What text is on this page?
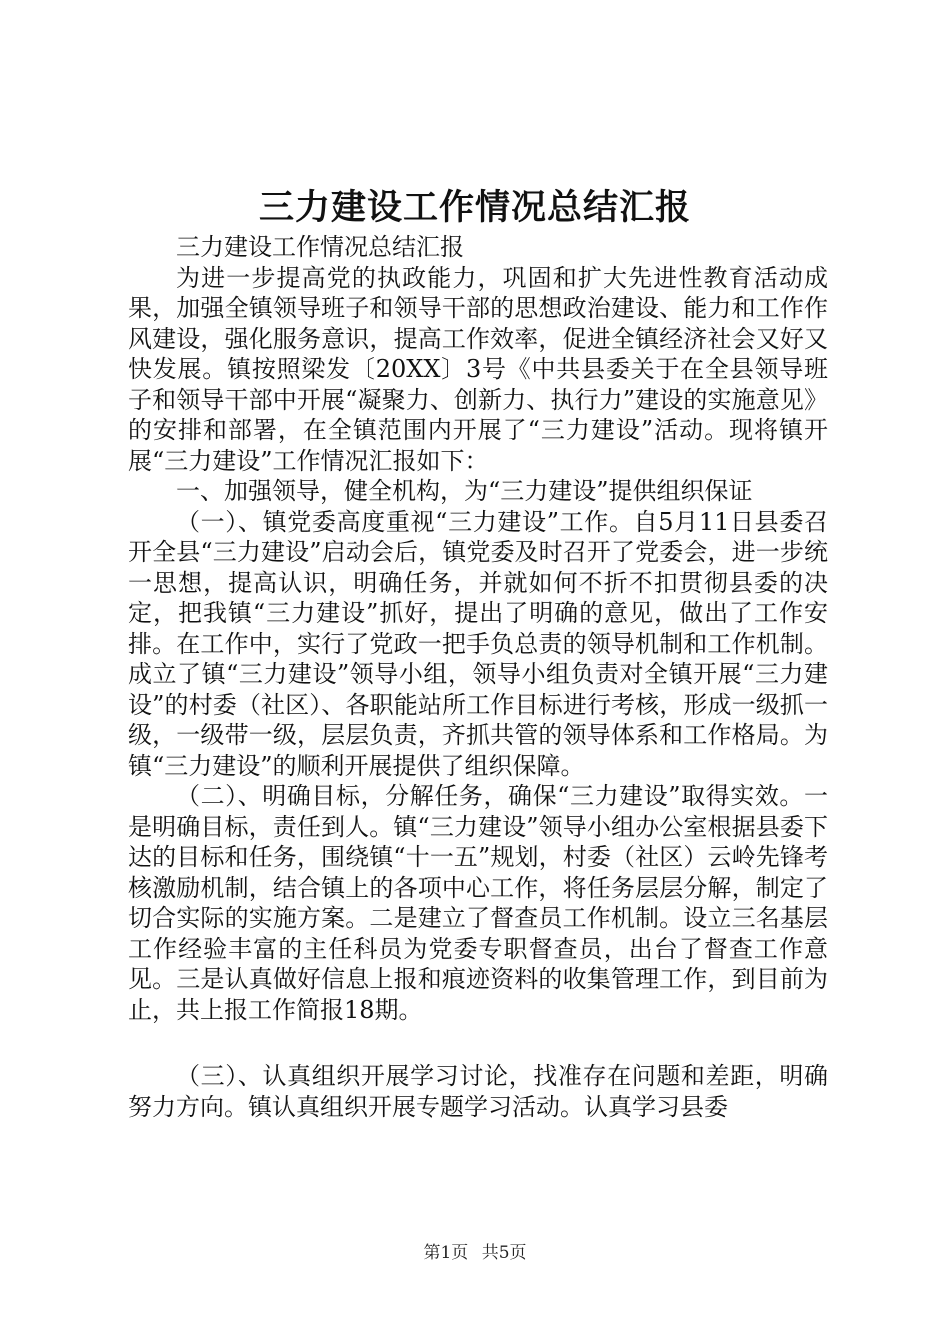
三力建设工作情况总结汇报

三力建设工作情况总结汇报

为进一步提高党的执政能力，巩固和扩大先进性教育活动成果，加强全镇领导班子和领导干部的思想政治建设、能力和工作作风建设，强化服务意识，提高工作效率，促进全镇经济社会又好又快发展。镇按照梁发〔20XX〕3号《中共县委关于在全县领导班子和领导干部中开展“凝聚力、创新力、执行力”建设的实施意见》的安排和部署，在全镇范围内开展了“三力建设”活动。现将镇开展“三力建设”工作情况汇报如下：

一、加强领导，健全机构，为“三力建设”提供组织保证

（一）、镇党委高度重视“三力建设”工作。自5月11日县委召开全县“三力建设”启动会后，镇党委及时召开了党委会，进一步统一思想，提高认识，明确任务，并就如何不折不扣贯彻县委的决定，把我镇“三力建设”抓好，提出了明确的意见，做出了工作安排。在工作中，实行了党政一把手负总责的领导机制和工作机制。成立了镇“三力建设”领导小组，领导小组负责对全镇开展“三力建设”的村委（社区）、各职能站所工作目标进行考核，形成一级抓一级，一级带一级，层层负责，齐抓共管的领导体系和工作格局。为镇“三力建设”的顺利开展提供了组织保障。

（二）、明确目标，分解任务，确保“三力建设”取得实效。一是明确目标，责任到人。镇“三力建设”领导小组办公室根据县委下达的目标和任务，围绕镇“十一五”规划，村委（社区）云岭先锋考核激励机制，结合镇上的各项中心工作，将任务层层分解，制定了切合实际的实施方案。二是建立了督查员工作机制。设立三名基层工作经验丰富的主任科员为党委专职督查员，出台了督查工作意见。三是认真做好信息上报和痕迹资料的收集管理工作，到目前为止，共上报工作简报18期。

（三）、认真组织开展学习讨论，找准存在问题和差距，明确努力方向。镇认真组织开展专题学习活动。认真学习县委

第1页 共5页
